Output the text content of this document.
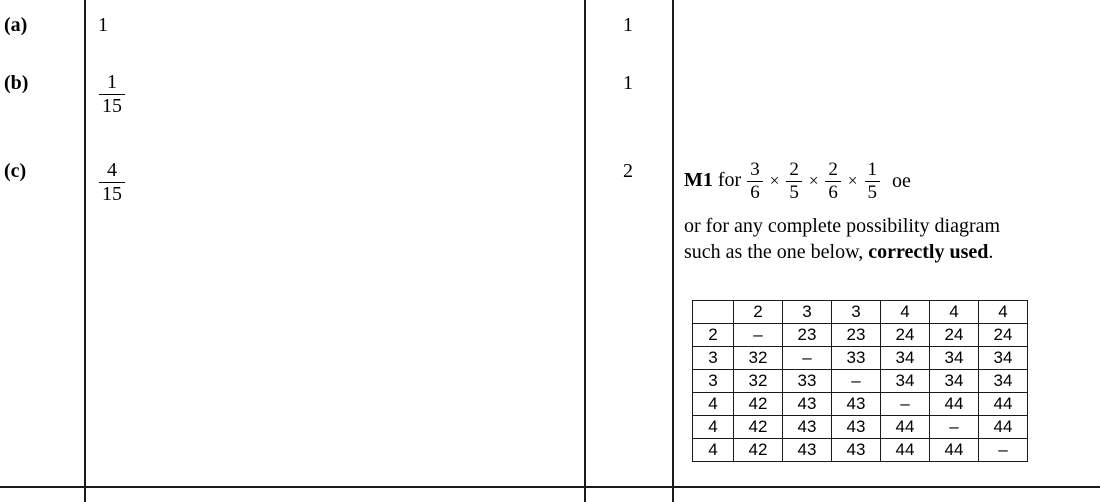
(a)	1	1
(b)	$\frac{1}{15}$	1
(c)	$\frac{4}{15}$	2	M1 for $\frac{3}{6} \times \frac{2}{5} \times \frac{2}{6} \times \frac{1}{5}$ oe
or for any complete possibility diagram
such as the one below, correctly used.
	2	3	3	4	4	4
2	–	23	23	24	24	24
3	32	–	33	34	34	34
3	32	33	–	34	34	34
4	42	43	43	–	44	44
4	42	43	43	44	–	44
4	42	43	43	44	44	–
